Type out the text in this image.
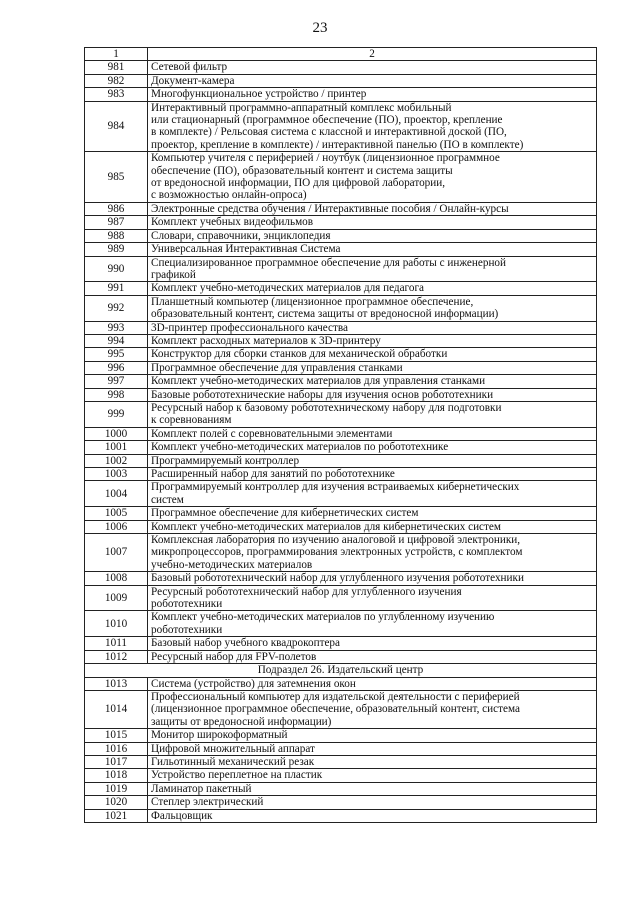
23
1	2
981	Сетевой фильтр
982	Документ-камера
983	Многофункциональное устройство / принтер
984	Интерактивный программно-аппаратный комплекс мобильный
или стационарный (программное обеспечение (ПО), проектор, крепление
в комплекте) / Рельсовая система с классной и интерактивной доской (ПО,
проектор, крепление в комплекте) / интерактивной панелью (ПО в комплекте)
985	Компьютер учителя с периферией / ноутбук (лицензионное программное
обеспечение (ПО), образовательный контент и система защиты
от вредоносной информации, ПО для цифровой лаборатории,
с возможностью онлайн-опроса)
986	Электронные средства обучения / Интерактивные пособия / Онлайн-курсы
987	Комплект учебных видеофильмов
988	Словари, справочники, энциклопедия
989	Универсальная Интерактивная Система
990	Специализированное программное обеспечение для работы с инженерной
графикой
991	Комплект учебно-методических материалов для педагога
992	Планшетный компьютер (лицензионное программное обеспечение,
образовательный контент, система защиты от вредоносной информации)
993	3D-принтер профессионального качества
994	Комплект расходных материалов к 3D-принтеру
995	Конструктор для сборки станков для механической обработки
996	Программное обеспечение для управления станками
997	Комплект учебно-методических материалов для управления станками
998	Базовые робототехнические наборы для изучения основ робототехники
999	Ресурсный набор к базовому робототехническому набору для подготовки
к соревнованиям
1000	Комплект полей с соревновательными элементами
1001	Комплект учебно-методических материалов по робототехнике
1002	Программируемый контроллер
1003	Расширенный набор для занятий по робототехнике
1004	Программируемый контроллер для изучения встраиваемых кибернетических
систем
1005	Программное обеспечение для кибернетических систем
1006	Комплект учебно-методических материалов для кибернетических систем
1007	Комплексная лаборатория по изучению аналоговой и цифровой электроники,
микропроцессоров, программирования электронных устройств, с комплектом
учебно-методических материалов
1008	Базовый робототехнический набор для углубленного изучения робототехники
1009	Ресурсный робототехнический набор для углубленного изучения
робототехники
1010	Комплект учебно-методических материалов по углубленному изучению
робототехники
1011	Базовый набор учебного квадрокоптера
1012	Ресурсный набор для FPV-полетов
Подраздел 26. Издательский центр	
1013	Система (устройство) для затемнения окон
1014	Профессиональный компьютер для издательской деятельности с периферией
(лицензионное программное обеспечение, образовательный контент, система
защиты от вредоносной информации)
1015	Монитор широкоформатный
1016	Цифровой множительный аппарат
1017	Гильотинный механический резак
1018	Устройство переплетное на пластик
1019	Ламинатор пакетный
1020	Степлер электрический
1021	Фальцовщик
